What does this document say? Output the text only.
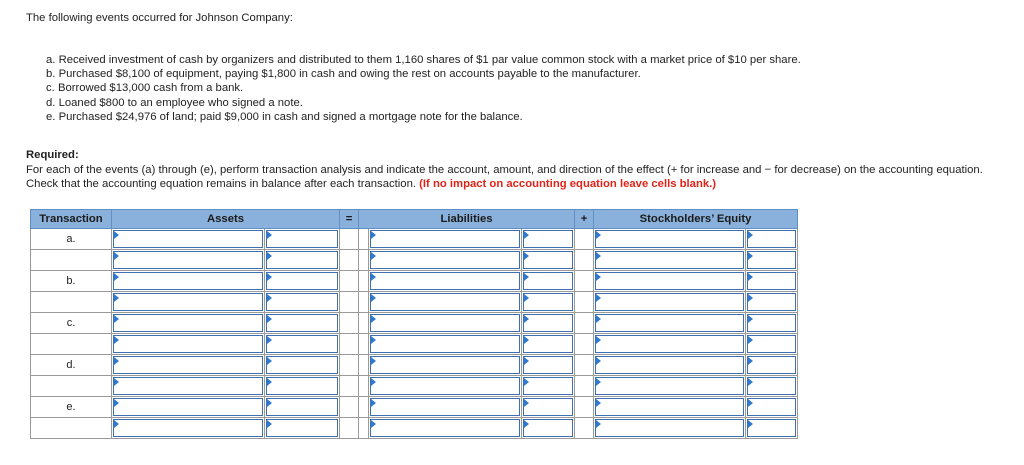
The following events occurred for Johnson Company:
a. Received investment of cash by organizers and distributed to them 1,160 shares of $1 par value common stock with a market price of $10 per share.
b. Purchased $8,100 of equipment, paying $1,800 in cash and owing the rest on accounts payable to the manufacturer.
c. Borrowed $13,000 cash from a bank.
d. Loaned $800 to an employee who signed a note.
e. Purchased $24,976 of land; paid $9,000 in cash and signed a mortgage note for the balance.
Required:
For each of the events (a) through (e), perform transaction analysis and indicate the account, amount, and direction of the effect (+ for increase and − for decrease) on the accounting equation. Check that the accounting equation remains in balance after each transaction. (If no impact on accounting equation leave cells blank.)
Transaction	Assets		=	Liabilities			+	Stockholders’ Equity	
a.	

b.	

c.	

d.	

e.	
